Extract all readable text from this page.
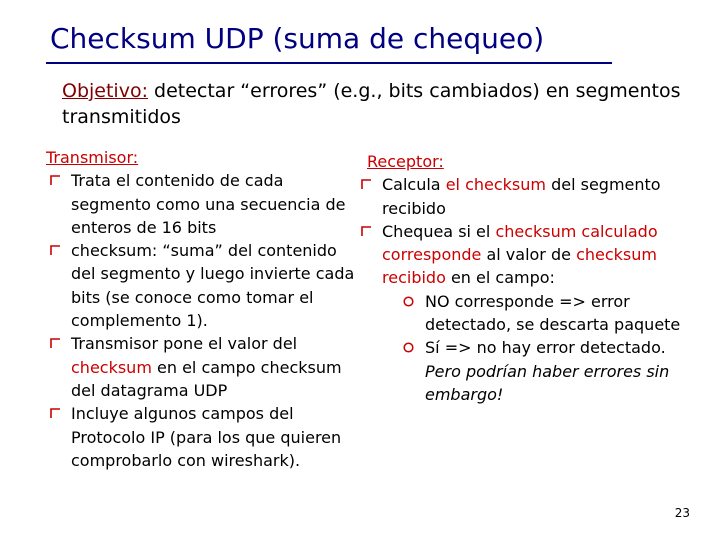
Checksum UDP (suma de chequeo)
Objetivo: detectar “errores” (e.g., bits cambiados) en segmentos transmitidos
Transmisor:
Trata el contenido de cada segmento como una secuencia de enteros de 16 bits
checksum: “suma” del contenido del segmento y luego invierte cada bits (se conoce como tomar el complemento 1).
Transmisor pone el valor del checksum en el campo checksum del datagrama UDP
Incluye algunos campos del Protocolo IP (para los que quieren comprobarlo con wireshark).
Receptor:
Calcula el checksum del segmento recibido
Chequea si el checksum calculado corresponde al valor de checksum recibido en el campo:
NO corresponde => error detectado, se descarta paquete
Sí => no hay error detectado. Pero podrían haber errores sin embargo!
23
